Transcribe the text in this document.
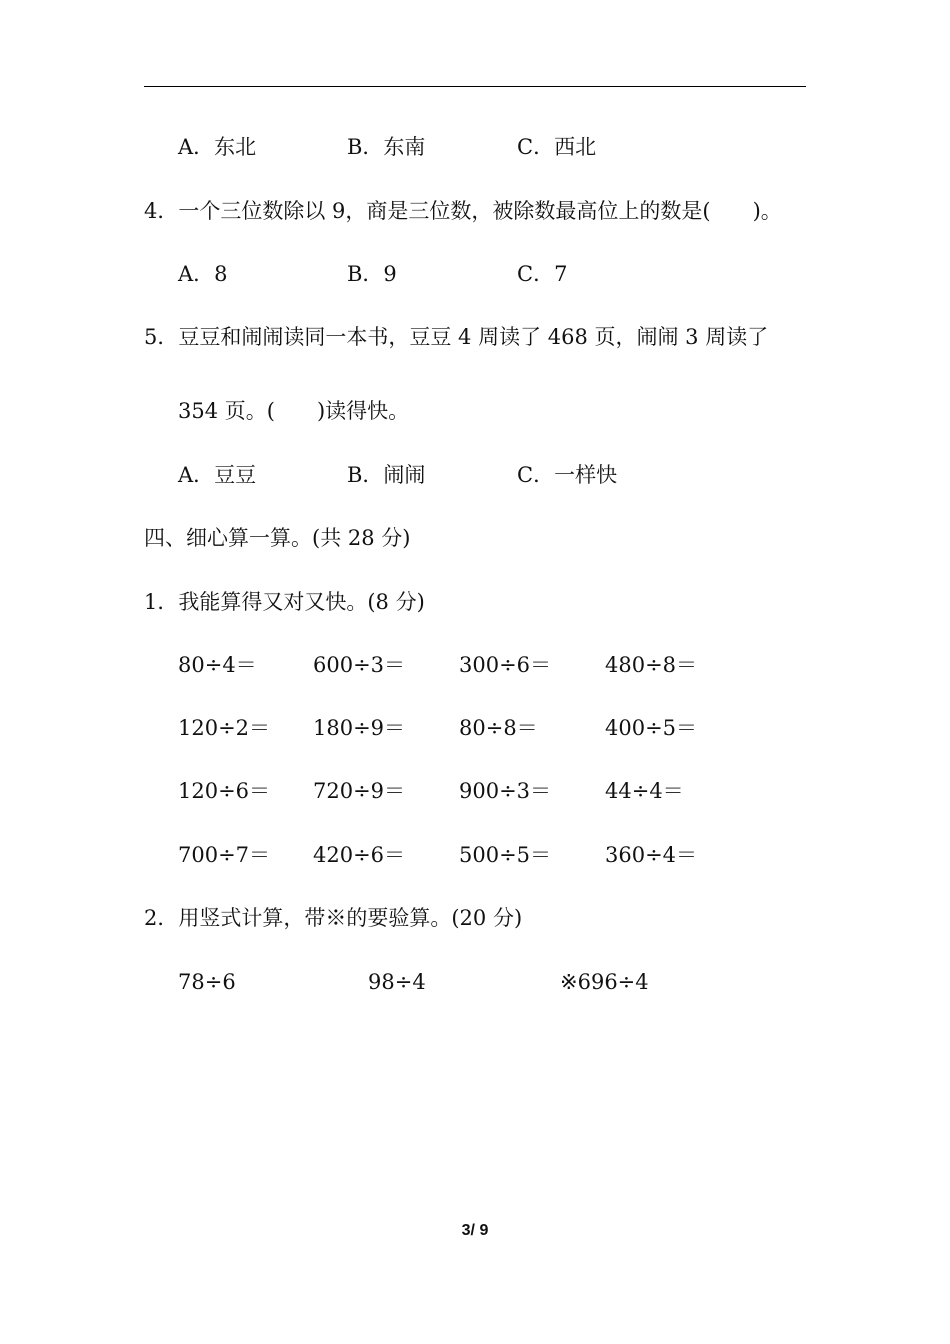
A．东北	B．东南	C．西北
4．一个三位数除以 9，商是三位数，被除数最高位上的数是(　　)。
A．8	B．9	C．7
5．豆豆和闹闹读同一本书，豆豆 4 周读了 468 页，闹闹 3 周读了
354 页。(　　)读得快。
A．豆豆	B．闹闹	C．一样快
四、细心算一算。(共 28 分)
1．我能算得又对又快。(8 分)
80÷4＝	600÷3＝	300÷6＝	480÷8＝
120÷2＝ 180÷9＝	80÷8＝	400÷5＝
120÷6＝ 720÷9＝	900÷3＝	44÷4＝
700÷7＝ 420÷6＝	500÷5＝	360÷4＝
2．用竖式计算，带※的要验算。(20 分)
78÷6	98÷4	※696÷4
3/ 9
